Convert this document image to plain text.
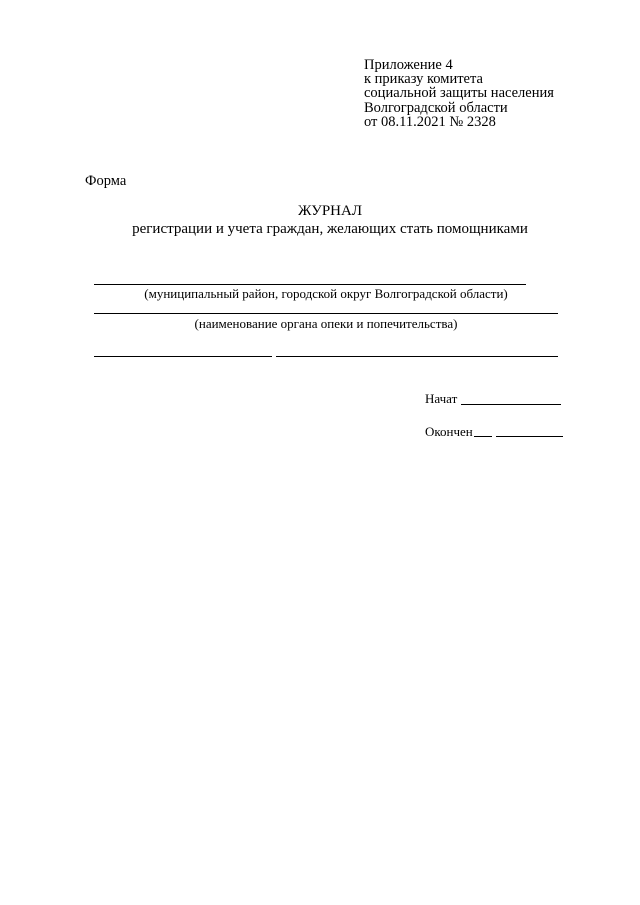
Приложение 4
к приказу комитета
социальной защиты населения
Волгоградской области
от 08.11.2021 № 2328
Форма
ЖУРНАЛ
регистрации и учета граждан, желающих стать помощниками
(муниципальный район, городской округ Волгоградской области)
(наименование органа опеки и попечительства)
Начат
Окончен
